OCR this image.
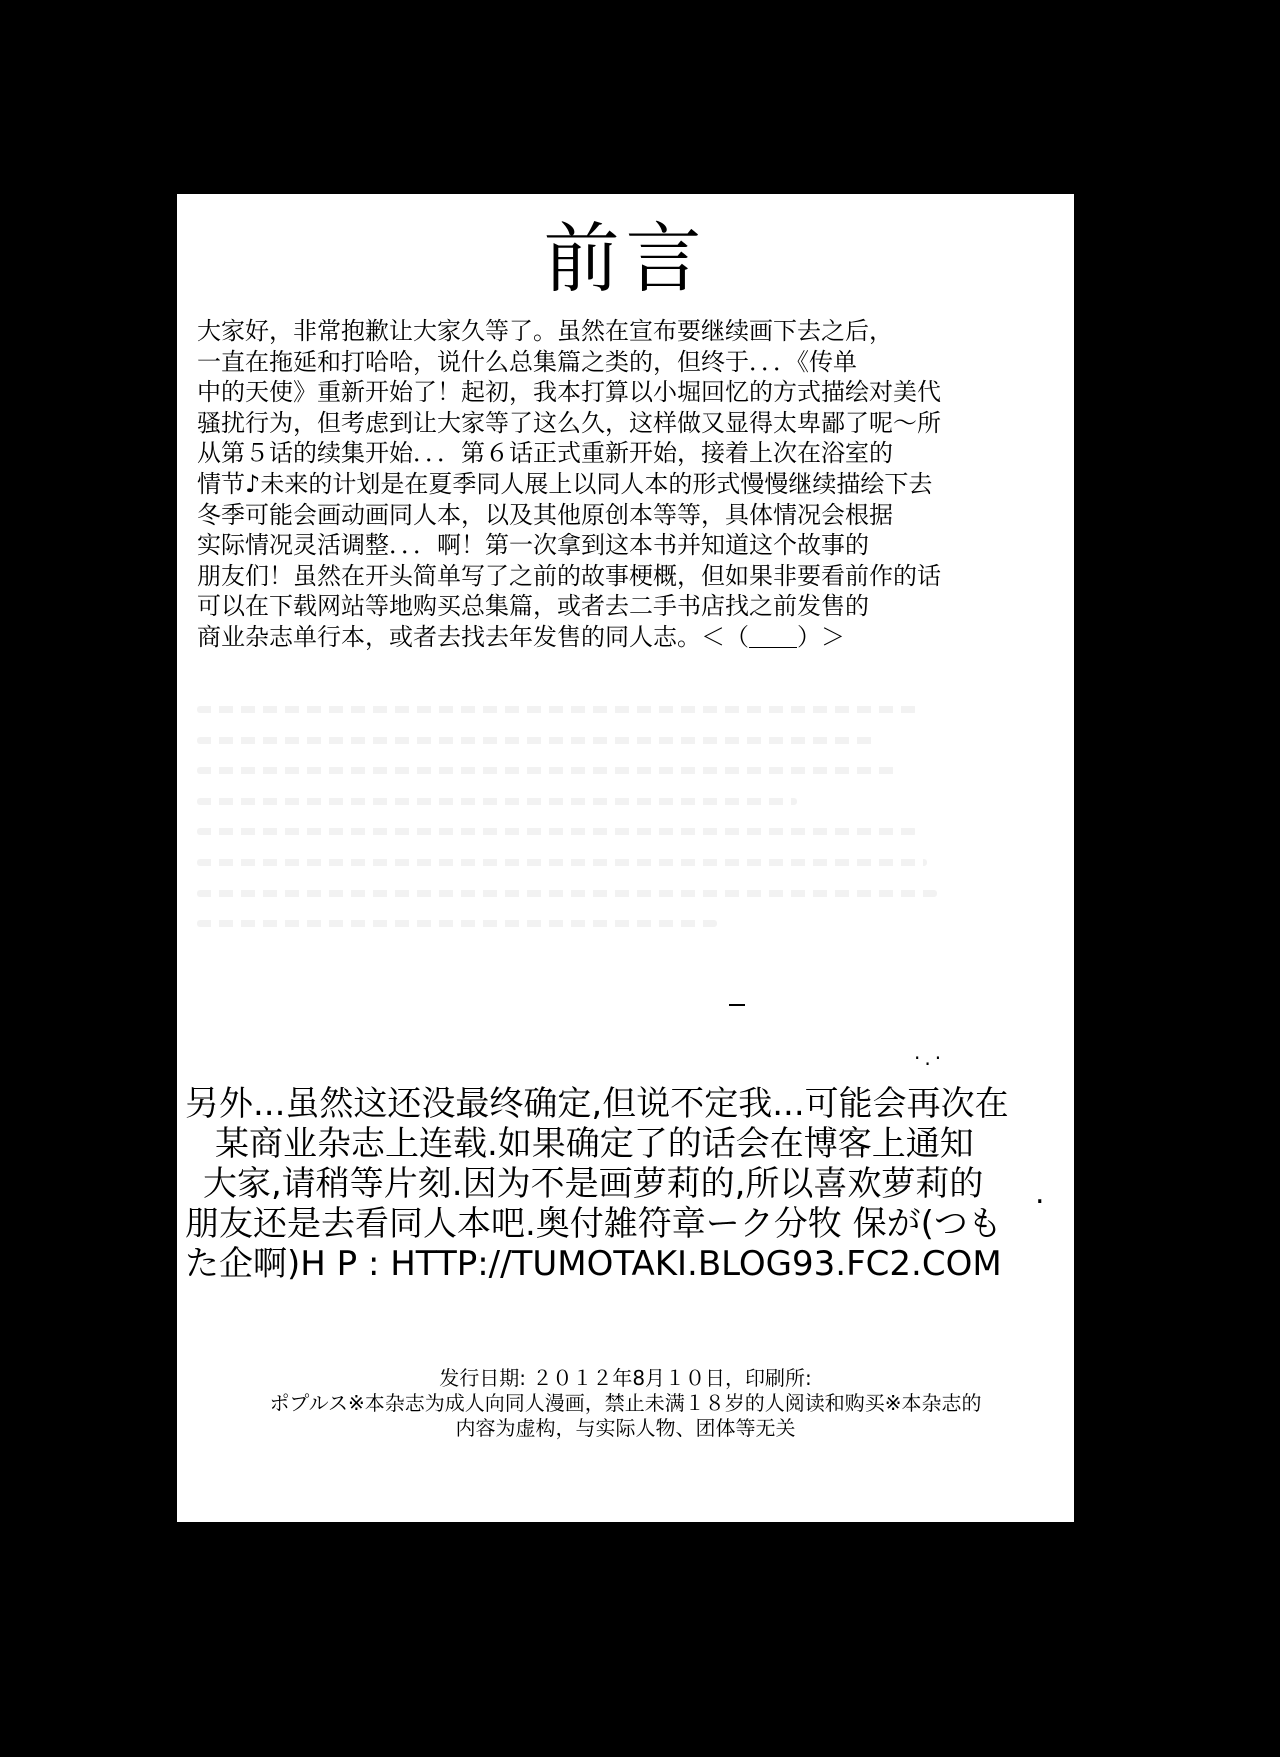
前言
大家好，非常抱歉让大家久等了。虽然在宣布要继续画下去之后，
一直在拖延和打哈哈，说什么总集篇之类的，但终于．．．《传单
中的天使》重新开始了！起初，我本打算以小堀回忆的方式描绘对美代
骚扰行为，但考虑到让大家等了这么久，这样做又显得太卑鄙了呢～所
从第５话的续集开始．．．第６话正式重新开始，接着上次在浴室的
情节♪未来的计划是在夏季同人展上以同人本的形式慢慢继续描绘下去
冬季可能会画动画同人本，以及其他原创本等等，具体情况会根据
实际情况灵活调整．．．啊！第一次拿到这本书并知道这个故事的
朋友们！虽然在开头简单写了之前的故事梗概，但如果非要看前作的话
可以在下载网站等地购买总集篇，或者去二手书店找之前发售的
商业杂志单行本，或者去找去年发售的同人志。＜（＿＿）＞
·.·
另外...虽然这还没最终确定,但说不定我...可能会再次在
某商业杂志上连载.如果确定了的话会在博客上通知
大家,请稍等片刻.因为不是画萝莉的,所以喜欢萝莉的
朋友还是去看同人本吧.奥付雑符章ーク分牧 保が(つも
た企啊)H P : HTTP://TUMOTAKI.BLOG93.FC2.COM
.
发行日期: ２０１２年8月１０日，印刷所:
ポプルス※本杂志为成人向同人漫画，禁止未满１８岁的人阅读和购买※本杂志的
内容为虚构，与实际人物、团体等无关
